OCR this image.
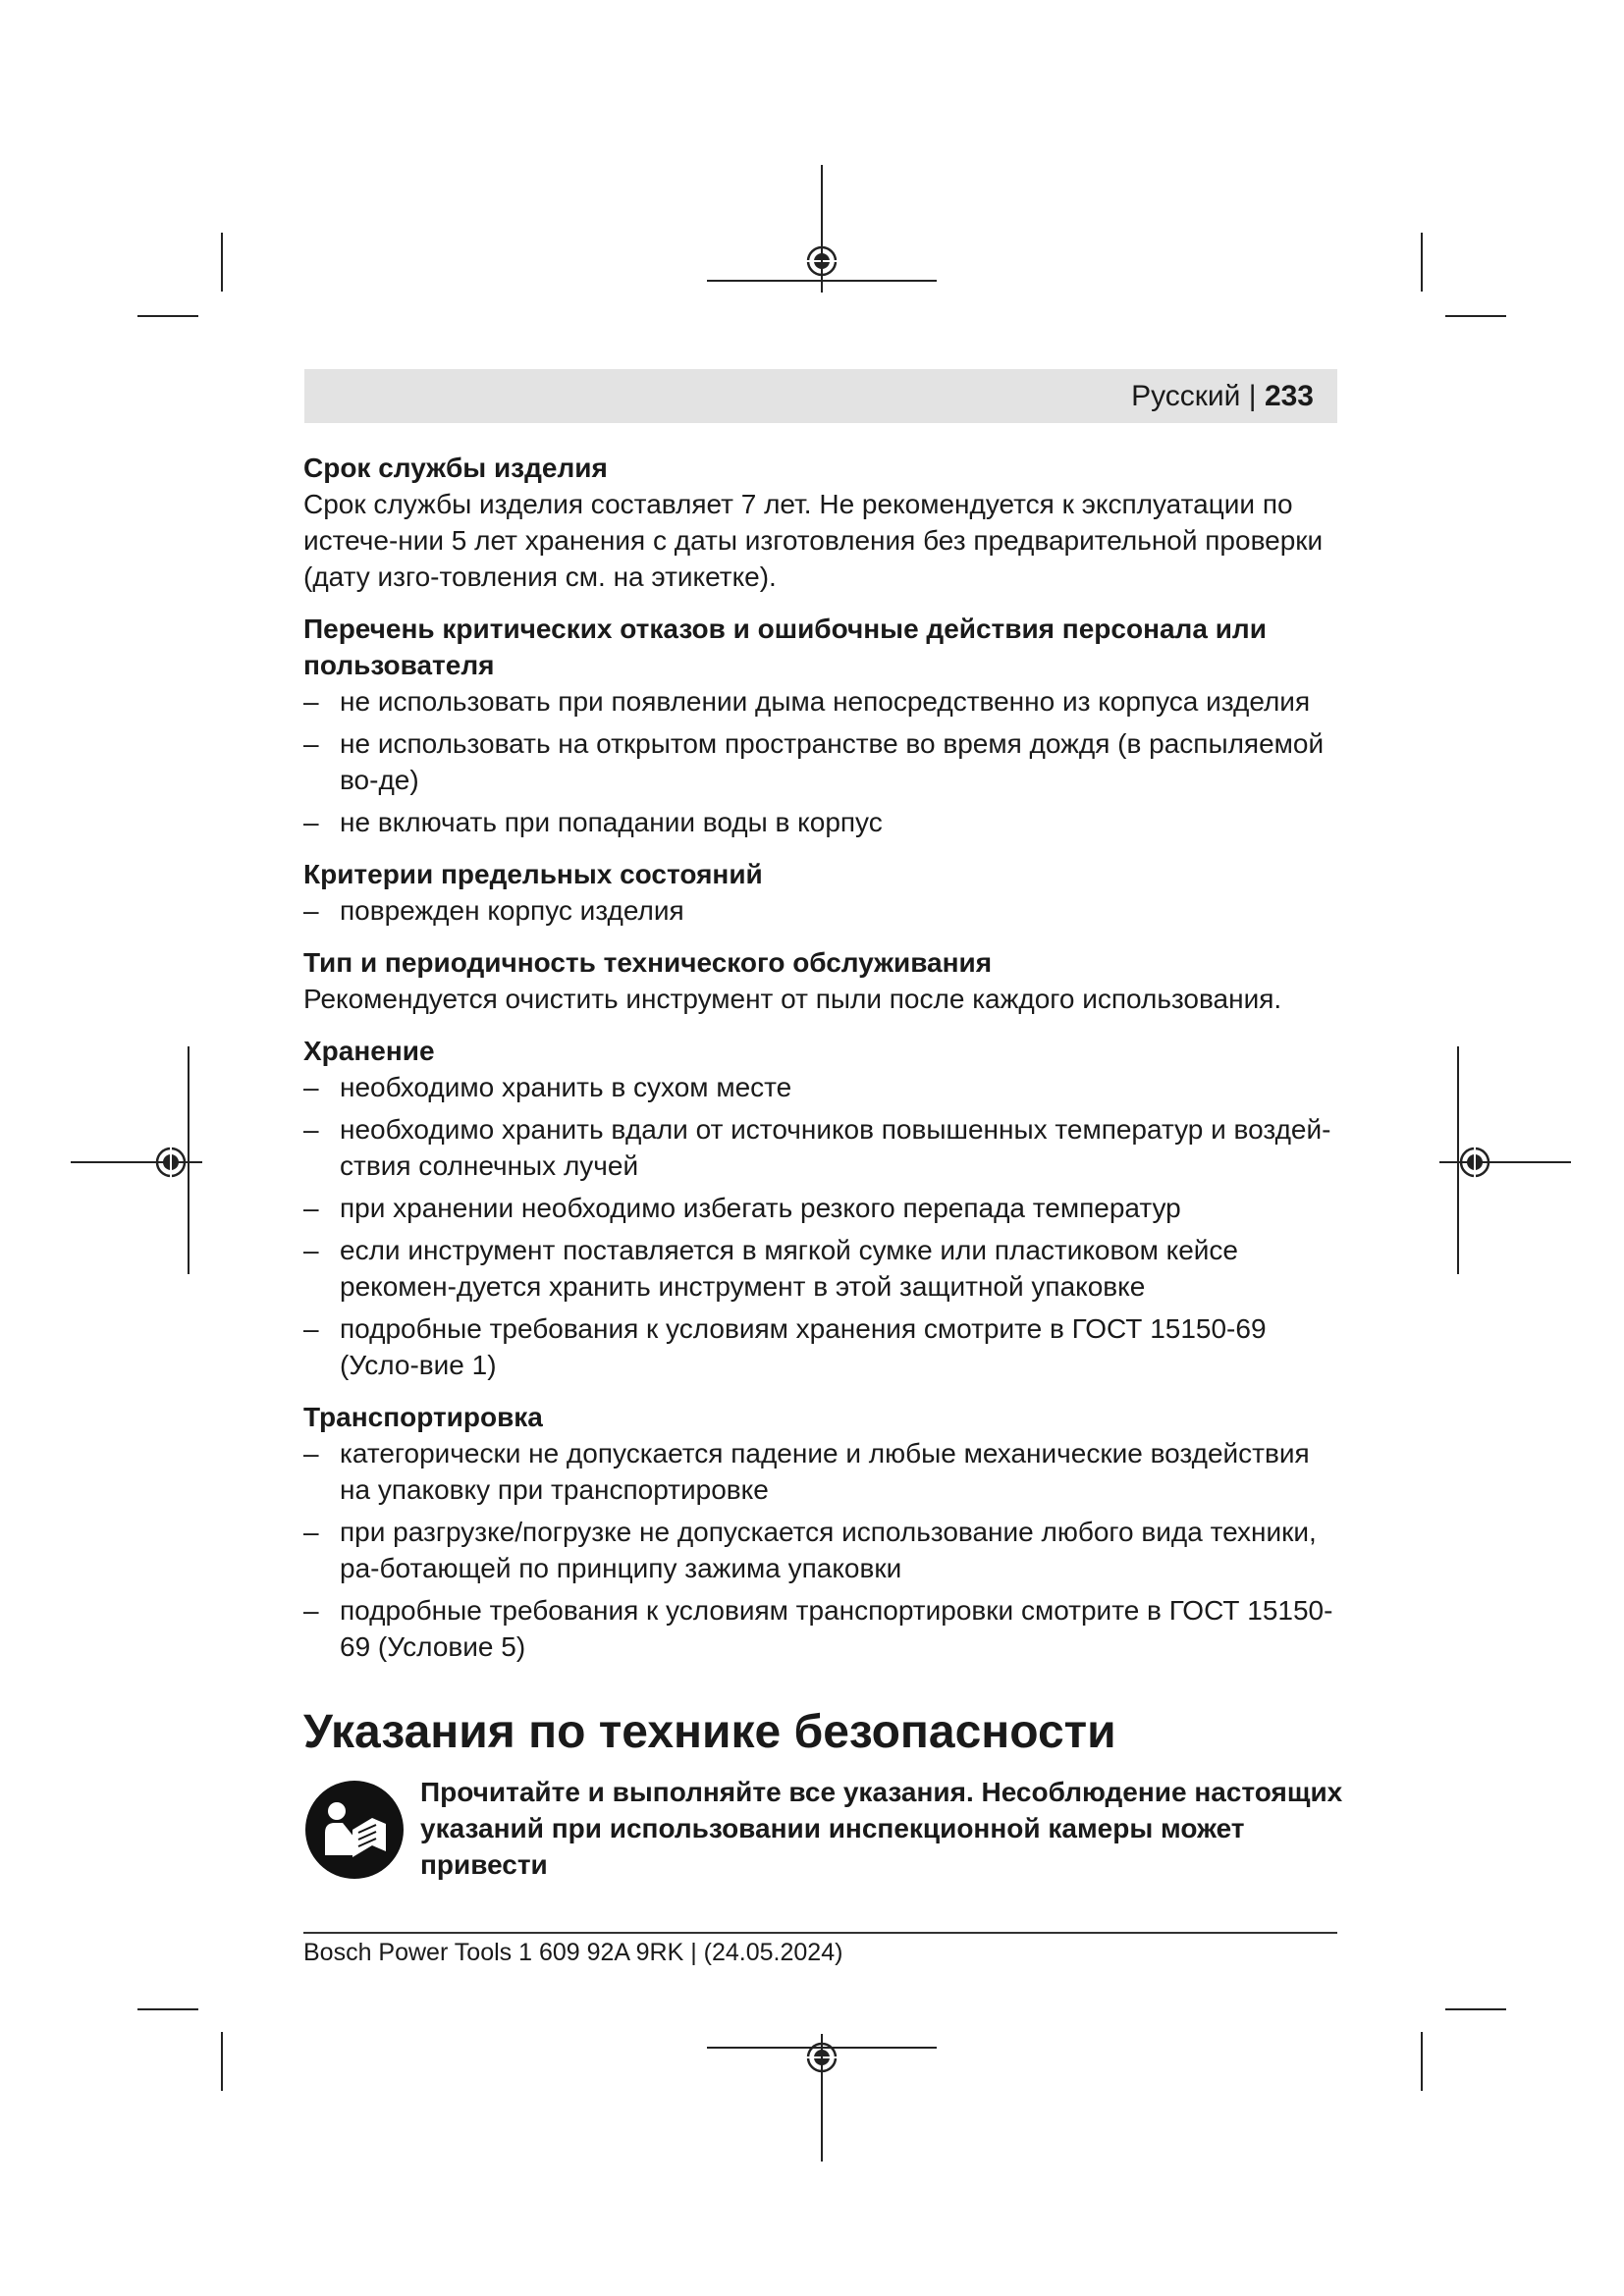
Русский | 233
Срок службы изделия
Срок службы изделия составляет 7 лет. Не рекомендуется к эксплуатации по истече-нии 5 лет хранения с даты изготовления без предварительной проверки (дату изго-товления см. на этикетке).
Перечень критических отказов и ошибочные действия персонала или пользователя
– не использовать при появлении дыма непосредственно из корпуса изделия
– не использовать на открытом пространстве во время дождя (в распыляемой во-де)
– не включать при попадании воды в корпус
Критерии предельных состояний
– поврежден корпус изделия
Тип и периодичность технического обслуживания
Рекомендуется очистить инструмент от пыли после каждого использования.
Хранение
– необходимо хранить в сухом месте
– необходимо хранить вдали от источников повышенных температур и воздей-ствия солнечных лучей
– при хранении необходимо избегать резкого перепада температур
– если инструмент поставляется в мягкой сумке или пластиковом кейсе рекомен-дуется хранить инструмент в этой защитной упаковке
– подробные требования к условиям хранения смотрите в ГОСТ 15150-69 (Усло-вие 1)
Транспортировка
– категорически не допускается падение и любые механические воздействия на упаковку при транспортировке
– при разгрузке/погрузке не допускается использование любого вида техники, ра-ботающей по принципу зажима упаковки
– подробные требования к условиям транспортировки смотрите в ГОСТ 15150-69 (Условие 5)
Указания по технике безопасности
Прочитайте и выполняйте все указания. Несоблюдение настоящих указаний при использовании инспекционной камеры может привести
Bosch Power Tools 1 609 92A 9RK | (24.05.2024)
